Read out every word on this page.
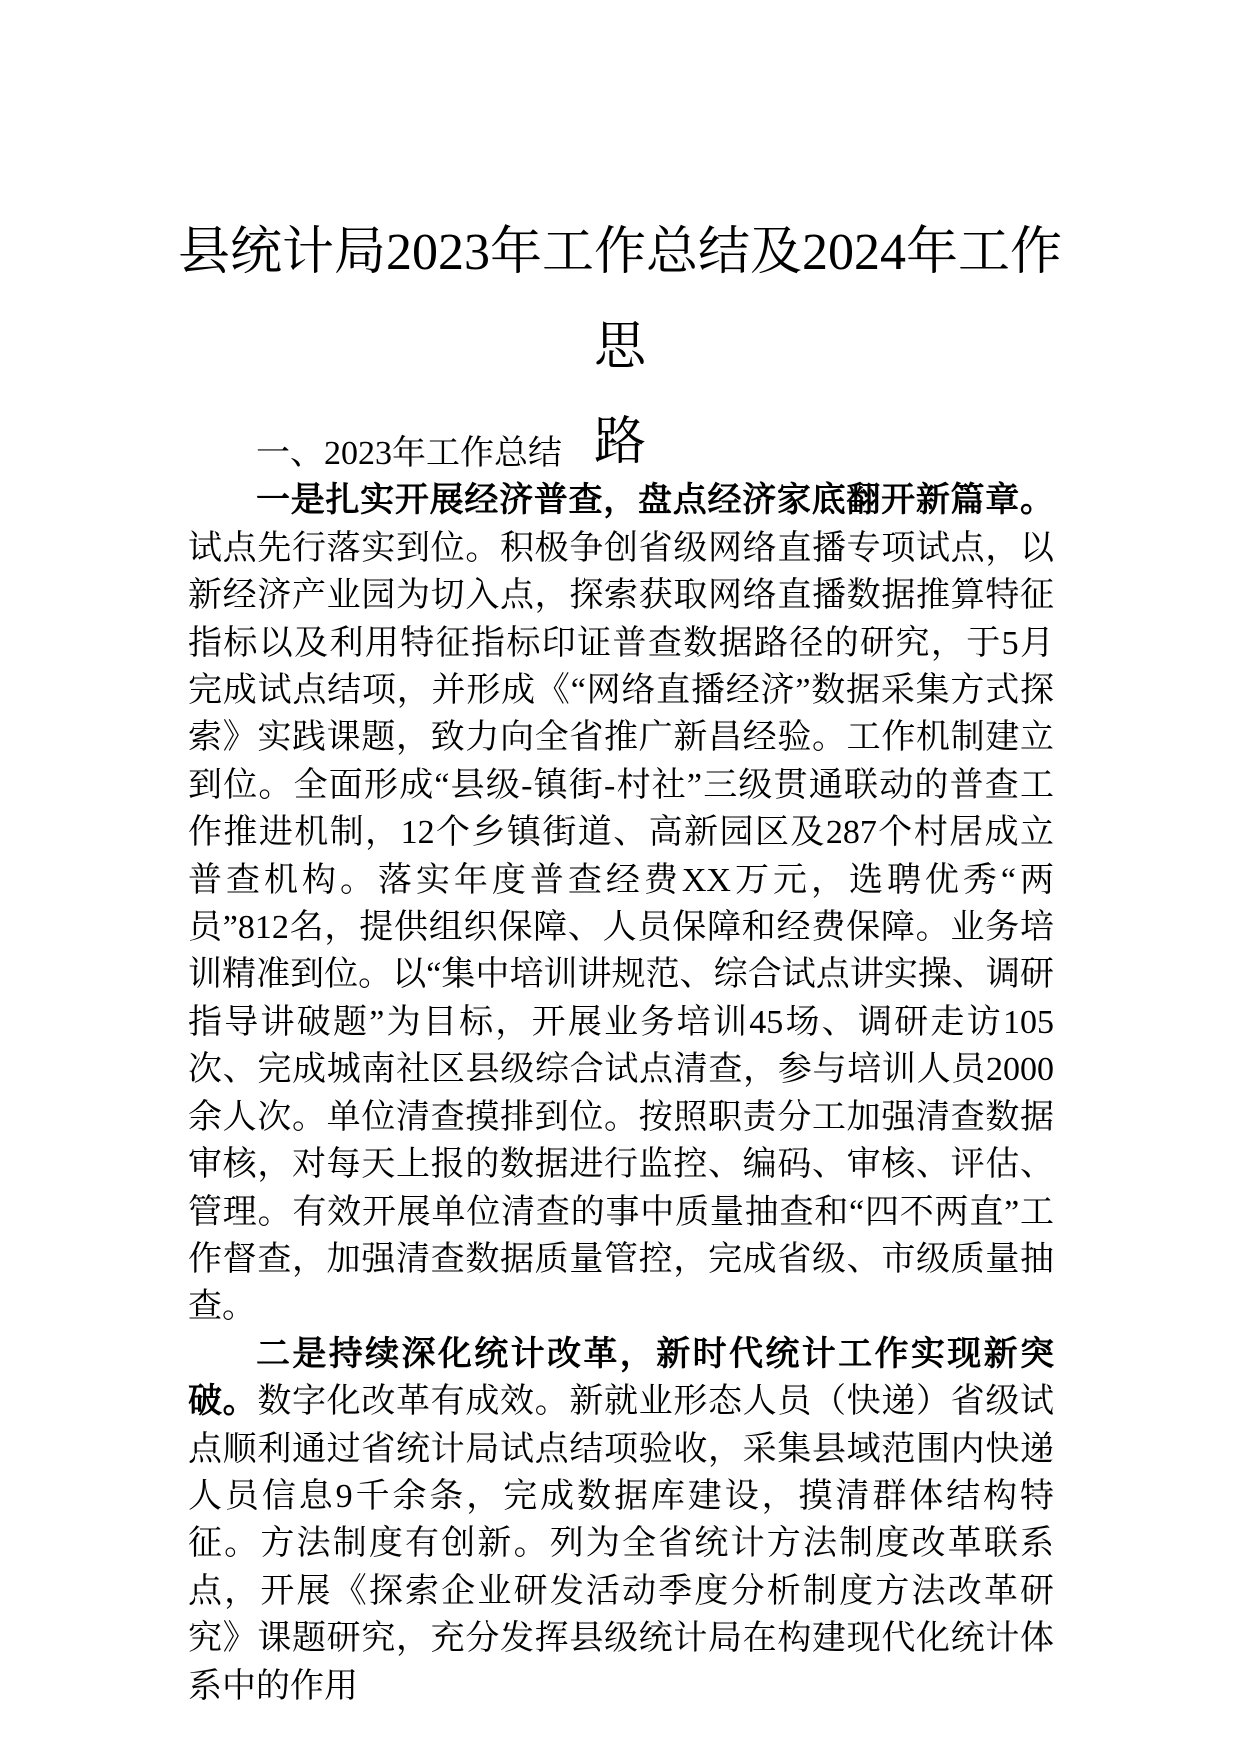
县统计局2023年工作总结及2024年工作思
路

一、2023年工作总结

一是扎实开展经济普查，盘点经济家底翻开新篇章。试点先行落实到位。积极争创省级网络直播专项试点，以新经济产业园为切入点，探索获取网络直播数据推算特征指标以及利用特征指标印证普查数据路径的研究，于5月完成试点结项，并形成《“网络直播经济”数据采集方式探索》实践课题，致力向全省推广新昌经验。工作机制建立到位。全面形成“县级-镇街-村社”三级贯通联动的普查工作推进机制，12个乡镇街道、高新园区及287个村居成立普查机构。落实年度普查经费XX万元，选聘优秀“两员”812名，提供组织保障、人员保障和经费保障。业务培训精准到位。以“集中培训讲规范、综合试点讲实操、调研指导讲破题”为目标，开展业务培训45场、调研走访105次、完成城南社区县级综合试点清查，参与培训人员2000余人次。单位清查摸排到位。按照职责分工加强清查数据审核，对每天上报的数据进行监控、编码、审核、评估、管理。有效开展单位清查的事中质量抽查和“四不两直”工作督查，加强清查数据质量管控，完成省级、市级质量抽查。

二是持续深化统计改革，新时代统计工作实现新突破。数字化改革有成效。新就业形态人员（快递）省级试点顺利通过省统计局试点结项验收，采集县域范围内快递人员信息9千余条，完成数据库建设，摸清群体结构特征。方法制度有创新。列为全省统计方法制度改革联系点，开展《探索企业研发活动季度分析制度方法改革研究》课题研究，充分发挥县级统计局在构建现代化统计体系中的作用
